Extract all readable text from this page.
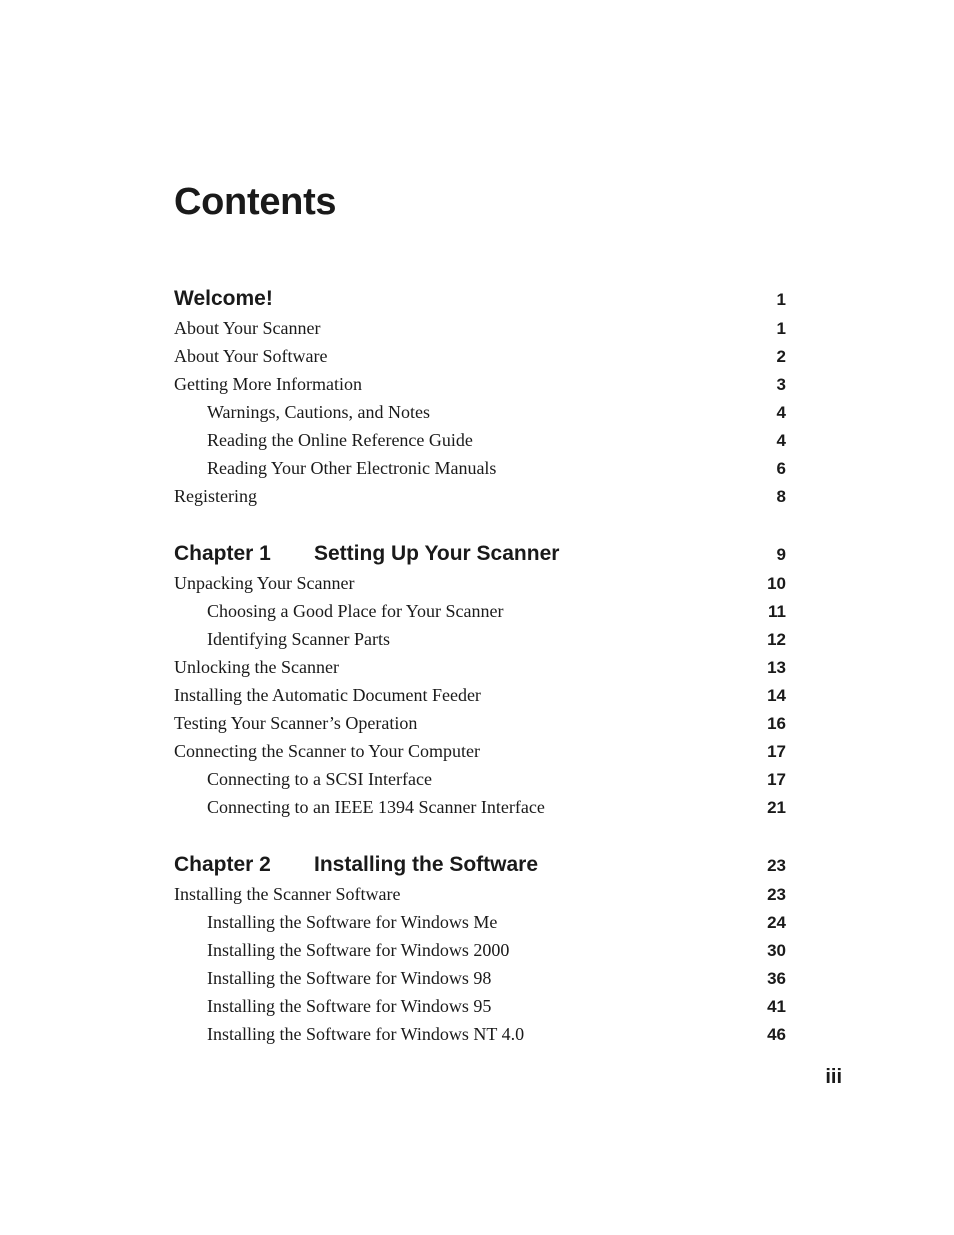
Contents
Welcome!	1
About Your Scanner	1
About Your Software	2
Getting More Information	3
Warnings, Cautions, and Notes	4
Reading the Online Reference Guide	4
Reading Your Other Electronic Manuals	6
Registering	8
Chapter 1	Setting Up Your Scanner	9
Unpacking Your Scanner	10
Choosing a Good Place for Your Scanner	11
Identifying Scanner Parts	12
Unlocking the Scanner	13
Installing the Automatic Document Feeder	14
Testing Your Scanner’s Operation	16
Connecting the Scanner to Your Computer	17
Connecting to a SCSI Interface	17
Connecting to an IEEE 1394 Scanner Interface	21
Chapter 2	Installing the Software	23
Installing the Scanner Software	23
Installing the Software for Windows Me	24
Installing the Software for Windows 2000	30
Installing the Software for Windows 98	36
Installing the Software for Windows 95	41
Installing the Software for Windows NT 4.0	46
iii
